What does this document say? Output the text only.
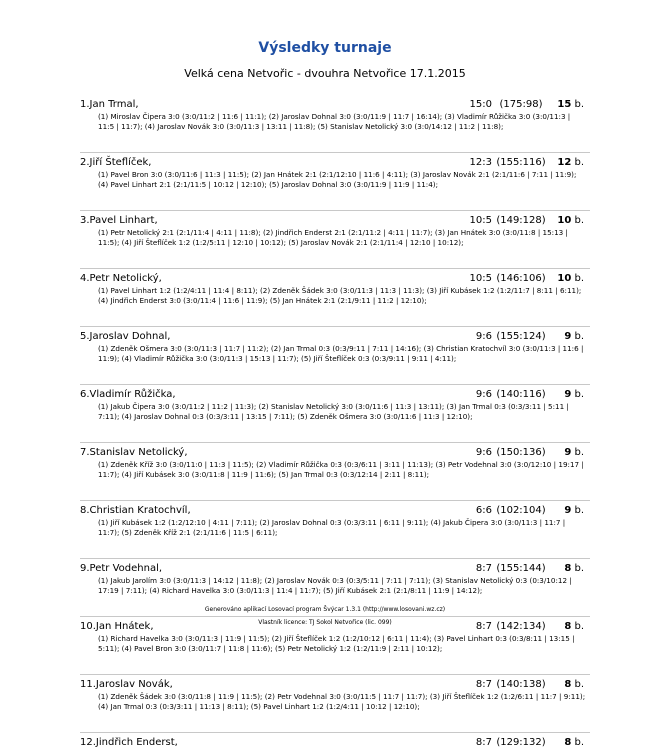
Výsledky turnaje
Velká cena Netvořic - dvouhra Netvořice 17.1.2015
1.Jan Trmal,	15:0 (175:98)	15 b.
(1) Miroslav Čipera 3:0 (3:0/11:2 | 11:6 | 11:1); (2) Jaroslav Dohnal 3:0 (3:0/11:9 | 11:7 | 16:14); (3) Vladimír Růžička 3:0 (3:0/11:3 | 11:5 | 11:7); (4) Jaroslav Novák 3:0 (3:0/11:3 | 13:11 | 11:8); (5) Stanislav Netolický 3:0 (3:0/14:12 | 11:2 | 11:8);
2.Jiří Šteflíček,	12:3 (155:116)	12 b.
(1) Pavel Bron 3:0 (3:0/11:6 | 11:3 | 11:5); (2) Jan Hnátek 2:1 (2:1/12:10 | 11:6 | 4:11); (3) Jaroslav Novák 2:1 (2:1/11:6 | 7:11 | 11:9); (4) Pavel Linhart 2:1 (2:1/11:5 | 10:12 | 12:10); (5) Jaroslav Dohnal 3:0 (3:0/11:9 | 11:9 | 11:4);
3.Pavel Linhart,	10:5 (149:128)	10 b.
(1) Petr Netolický 2:1 (2:1/11:4 | 4:11 | 11:8); (2) Jindřich Enderst 2:1 (2:1/11:2 | 4:11 | 11:7); (3) Jan Hnátek 3:0 (3:0/11:8 | 15:13 | 11:5); (4) Jiří Šteflíček 1:2 (1:2/5:11 | 12:10 | 10:12); (5) Jaroslav Novák 2:1 (2:1/11:4 | 12:10 | 10:12);
4.Petr Netolický,	10:5 (146:106)	10 b.
(1) Pavel Linhart 1:2 (1:2/4:11 | 11:4 | 8:11); (2) Zdeněk Šádek 3:0 (3:0/11:3 | 11:3 | 11:3); (3) Jiří Kubásek 1:2 (1:2/11:7 | 8:11 | 6:11); (4) Jindřich Enderst 3:0 (3:0/11:4 | 11:6 | 11:9); (5) Jan Hnátek 2:1 (2:1/9:11 | 11:2 | 12:10);
5.Jaroslav Dohnal,	9:6 (155:124)	9 b.
(1) Zdeněk Ošmera 3:0 (3:0/11:3 | 11:7 | 11:2); (2) Jan Trmal 0:3 (0:3/9:11 | 7:11 | 14:16); (3) Christian Kratochvíl 3:0 (3:0/11:3 | 11:6 | 11:9); (4) Vladimír Růžička 3:0 (3:0/11:3 | 15:13 | 11:7); (5) Jiří Šteflíček 0:3 (0:3/9:11 | 9:11 | 4:11);
6.Vladimír Růžička,	9:6 (140:116)	9 b.
(1) Jakub Čipera 3:0 (3:0/11:2 | 11:2 | 11:3); (2) Stanislav Netolický 3:0 (3:0/11:6 | 11:3 | 13:11); (3) Jan Trmal 0:3 (0:3/3:11 | 5:11 | 7:11); (4) Jaroslav Dohnal 0:3 (0:3/3:11 | 13:15 | 7:11); (5) Zdeněk Ošmera 3:0 (3:0/11:6 | 11:3 | 12:10);
7.Stanislav Netolický,	9:6 (150:136)	9 b.
(1) Zdeněk Kříž 3:0 (3:0/11:0 | 11:3 | 11:5); (2) Vladimír Růžička 0:3 (0:3/6:11 | 3:11 | 11:13); (3) Petr Vodehnal 3:0 (3:0/12:10 | 19:17 | 11:7); (4) Jiří Kubásek 3:0 (3:0/11:8 | 11:9 | 11:6); (5) Jan Trmal 0:3 (0:3/12:14 | 2:11 | 8:11);
8.Christian Kratochvíl,	6:6 (102:104)	9 b.
(1) Jiří Kubásek 1:2 (1:2/12:10 | 4:11 | 7:11); (2) Jaroslav Dohnal 0:3 (0:3/3:11 | 6:11 | 9:11); (4) Jakub Čipera 3:0 (3:0/11:3 | 11:7 | 11:7); (5) Zdeněk Kříž 2:1 (2:1/11:6 | 11:5 | 6:11);
9.Petr Vodehnal,	8:7 (155:144)	8 b.
(1) Jakub Jarolím 3:0 (3:0/11:3 | 14:12 | 11:8); (2) Jaroslav Novák 0:3 (0:3/5:11 | 7:11 | 7:11); (3) Stanislav Netolický 0:3 (0:3/10:12 | 17:19 | 7:11); (4) Richard Havelka 3:0 (3:0/11:3 | 11:4 | 11:7); (5) Jiří Kubásek 2:1 (2:1/8:11 | 11:9 | 14:12);
10.Jan Hnátek,	8:7 (142:134)	8 b.
(1) Richard Havelka 3:0 (3:0/11:3 | 11:9 | 11:5); (2) Jiří Šteflíček 1:2 (1:2/10:12 | 6:11 | 11:4); (3) Pavel Linhart 0:3 (0:3/8:11 | 13:15 | 5:11); (4) Pavel Bron 3:0 (3:0/11:7 | 11:8 | 11:6); (5) Petr Netolický 1:2 (1:2/11:9 | 2:11 | 10:12);
11.Jaroslav Novák,	8:7 (140:138)	8 b.
(1) Zdeněk Šádek 3:0 (3:0/11:8 | 11:9 | 11:5); (2) Petr Vodehnal 3:0 (3:0/11:5 | 11:7 | 11:7); (3) Jiří Šteflíček 1:2 (1:2/6:11 | 11:7 | 9:11); (4) Jan Trmal 0:3 (0:3/3:11 | 11:13 | 8:11); (5) Pavel Linhart 1:2 (1:2/4:11 | 10:12 | 12:10);
12.Jindřich Enderst,	8:7 (129:132)	8 b.
Generováno aplikací Losovací program Švýcar 1.3.1 (http://www.losovani.wz.cz)
Vlastník licence: TJ Sokol Netvořice (lic. 099)
